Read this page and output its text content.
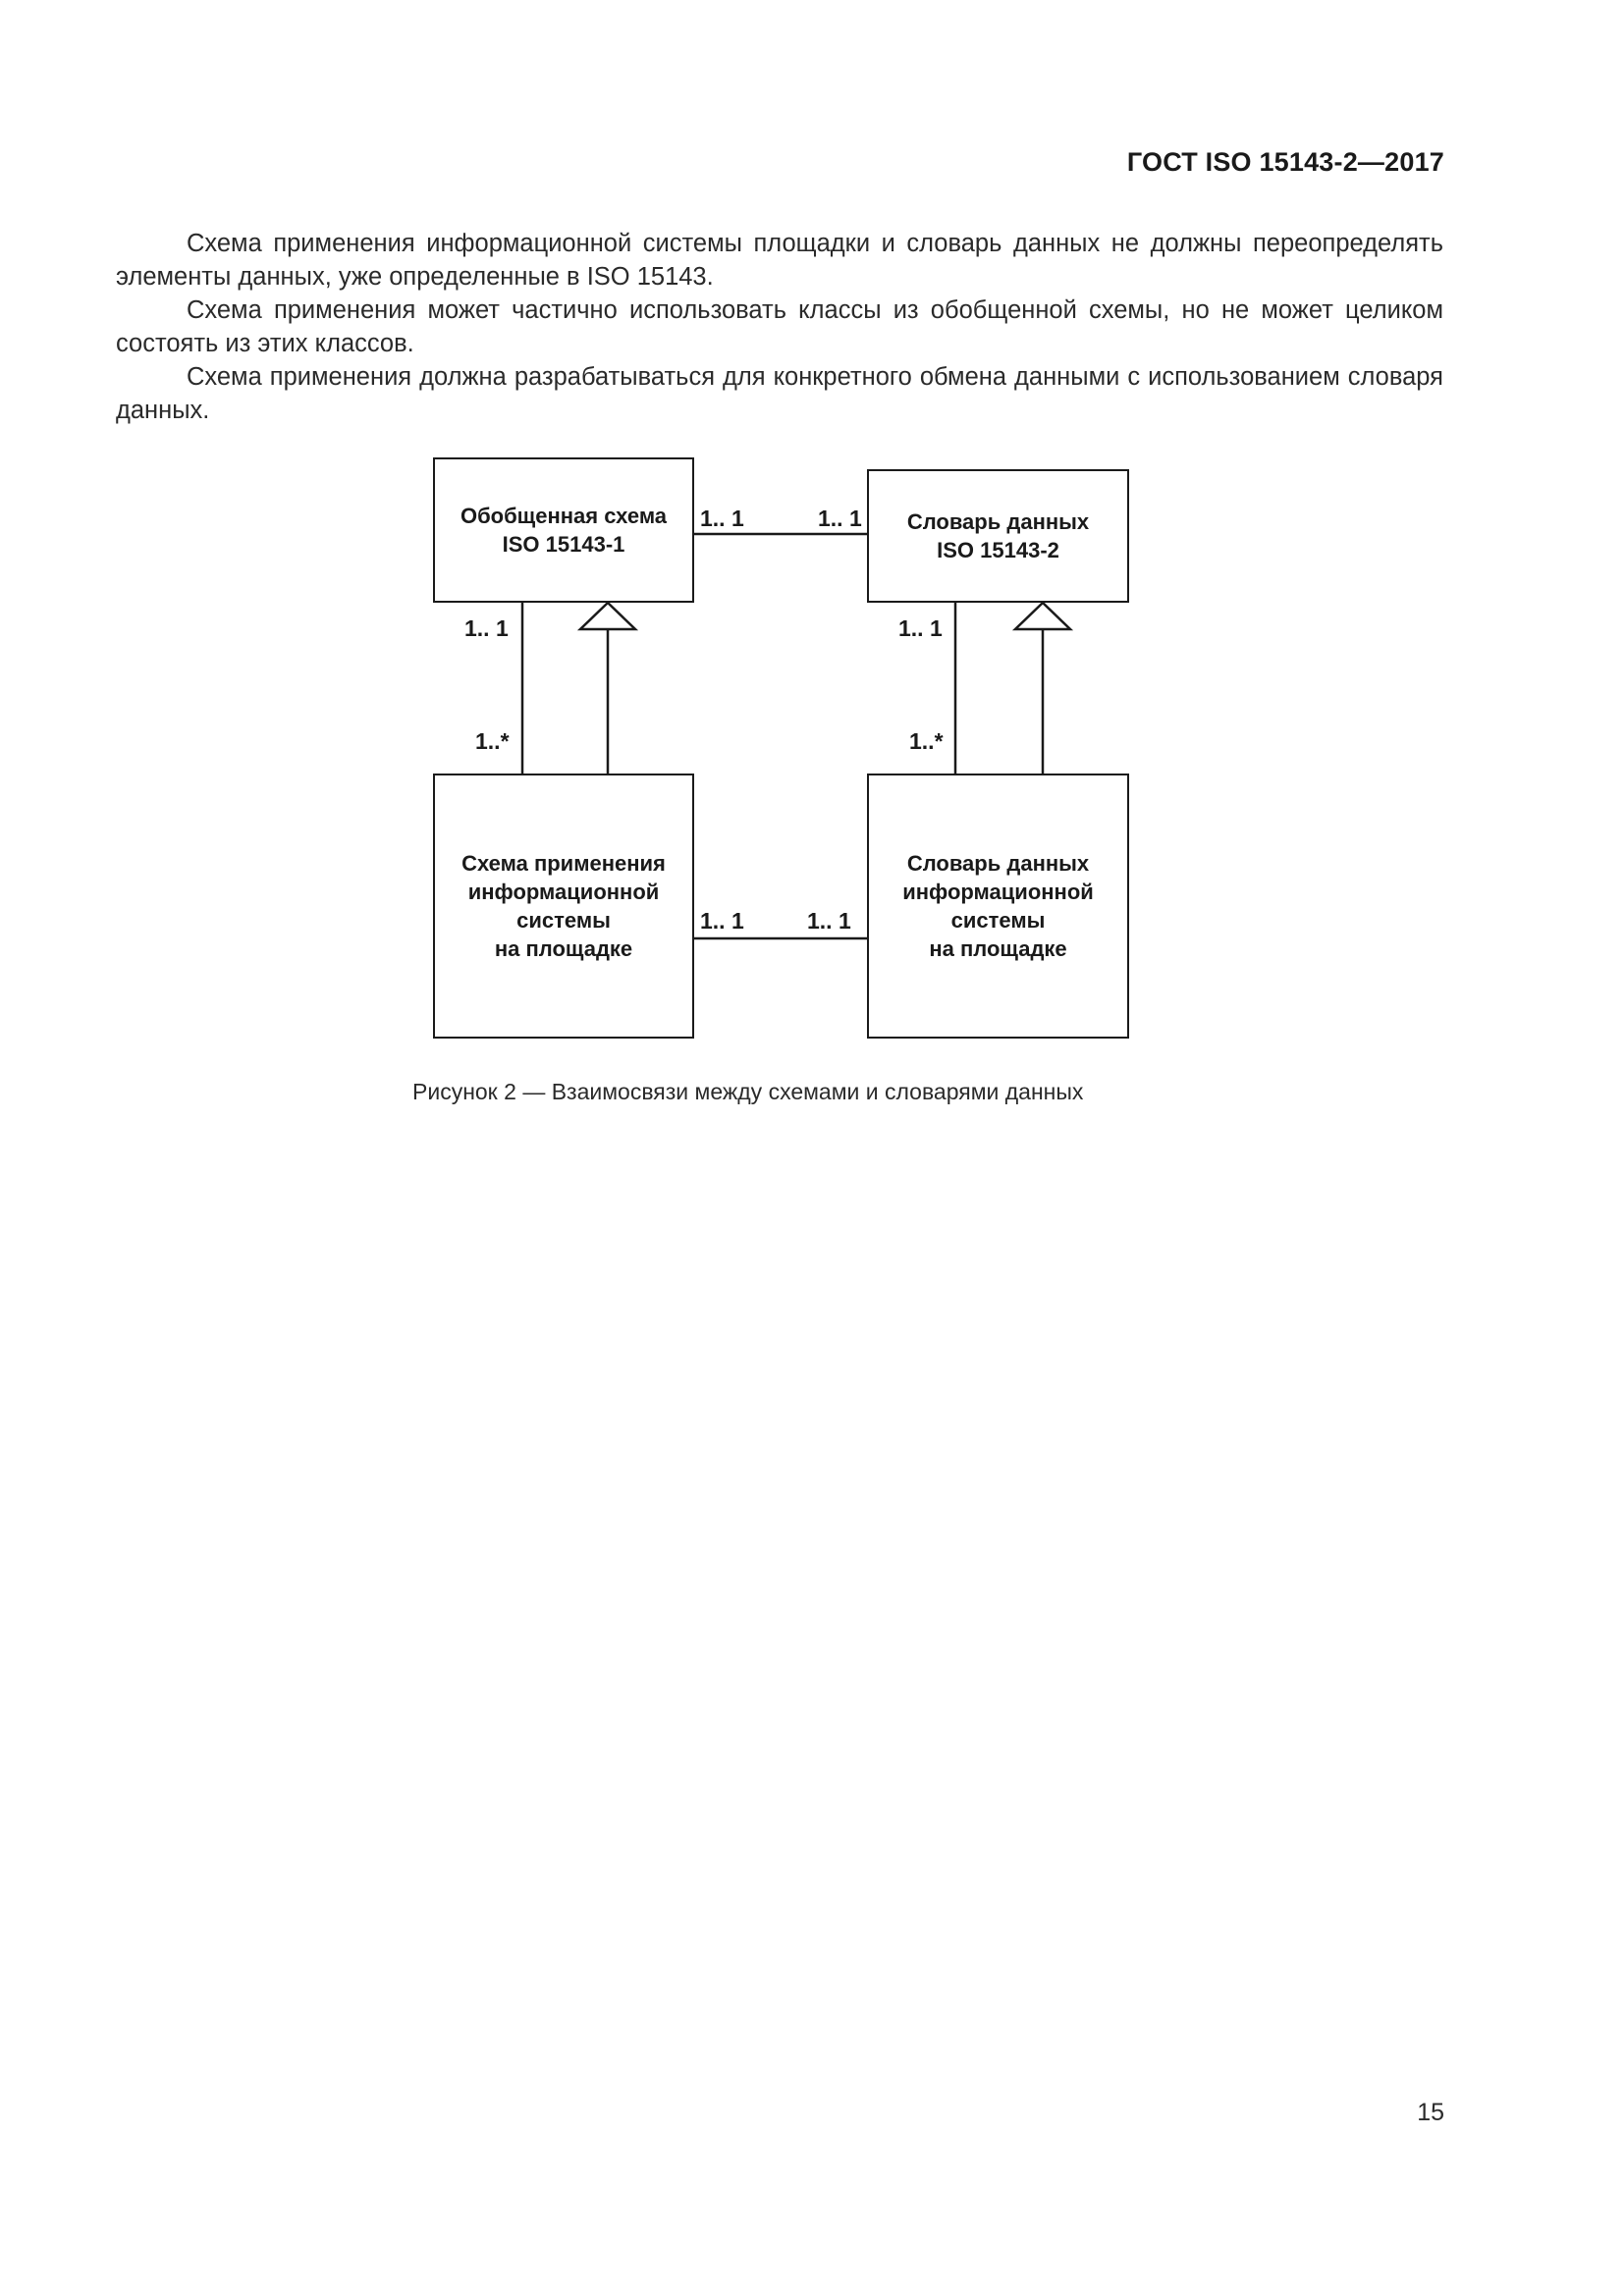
ГОСТ ISO 15143-2—2017

Схема применения информационной системы площадки и словарь данных не должны переопределять элементы данных, уже определенные в ISO 15143.

Схема применения может частично использовать классы из обобщенной схемы, но не может целиком состоять из этих классов.

Схема применения должна разрабатываться для конкретного обмена данными с использованием словаря данных.

Обобщенная схема
ISO 15143-1
Словарь данных
ISO 15143-2
Схема применения
информационной
системы
на площадке
Словарь данных
информационной
системы
на площадке
1.. 1	1.. 1
1.. 1
1..*
1.. 1
1..*
1.. 1	1.. 1
Рисунок 2 — Взаимосвязи между схемами и словарями данных
15
